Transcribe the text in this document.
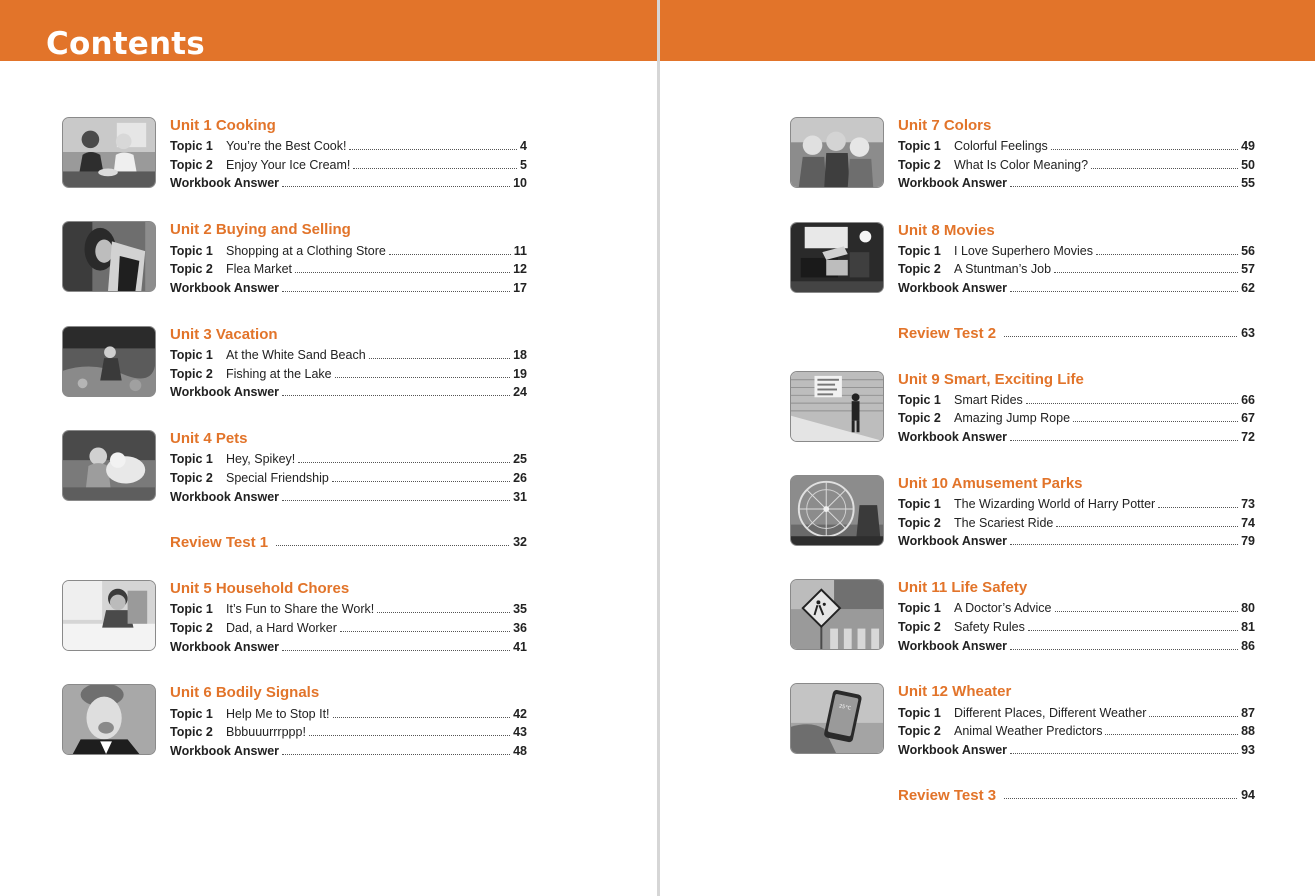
Contents
Unit 1 Cooking
Topic 1	You’re the Best Cook!	4
Topic 2	Enjoy Your Ice Cream!	5
Workbook Answer	10
Unit 2 Buying and Selling
Topic 1	Shopping at a Clothing Store	11
Topic 2	Flea Market	12
Workbook Answer	17
Unit 3 Vacation
Topic 1	At the White Sand Beach	18
Topic 2	Fishing at the Lake	19
Workbook Answer	24
Unit 4 Pets
Topic 1	Hey, Spikey!	25
Topic 2	Special Friendship	26
Workbook Answer	31
Review Test 1	32
Unit 5 Household Chores
Topic 1	It’s Fun to Share the Work!	35
Topic 2	Dad, a Hard Worker	36
Workbook Answer	41
Unit 6 Bodily Signals
Topic 1	Help Me to Stop It!	42
Topic 2	Bbbuuurrrppp!	43
Workbook Answer	48
Unit 7 Colors
Topic 1	Colorful Feelings	49
Topic 2	What Is Color Meaning?	50
Workbook Answer	55
Unit 8 Movies
Topic 1	I Love Superhero Movies	56
Topic 2	A Stuntman’s Job	57
Workbook Answer	62
Review Test 2	63
Unit 9 Smart, Exciting Life
Topic 1	Smart Rides	66
Topic 2	Amazing Jump Rope	67
Workbook Answer	72
Unit 10 Amusement Parks
Topic 1	The Wizarding World of Harry Potter	73
Topic 2	The Scariest Ride	74
Workbook Answer	79
Unit 11 Life Safety
Topic 1	A Doctor’s Advice	80
Topic 2	Safety Rules	81
Workbook Answer	86
25°C
Unit 12 Wheater
Topic 1	Different Places, Different Weather	87
Topic 2	Animal Weather Predictors	88
Workbook Answer	93
Review Test 3	94
